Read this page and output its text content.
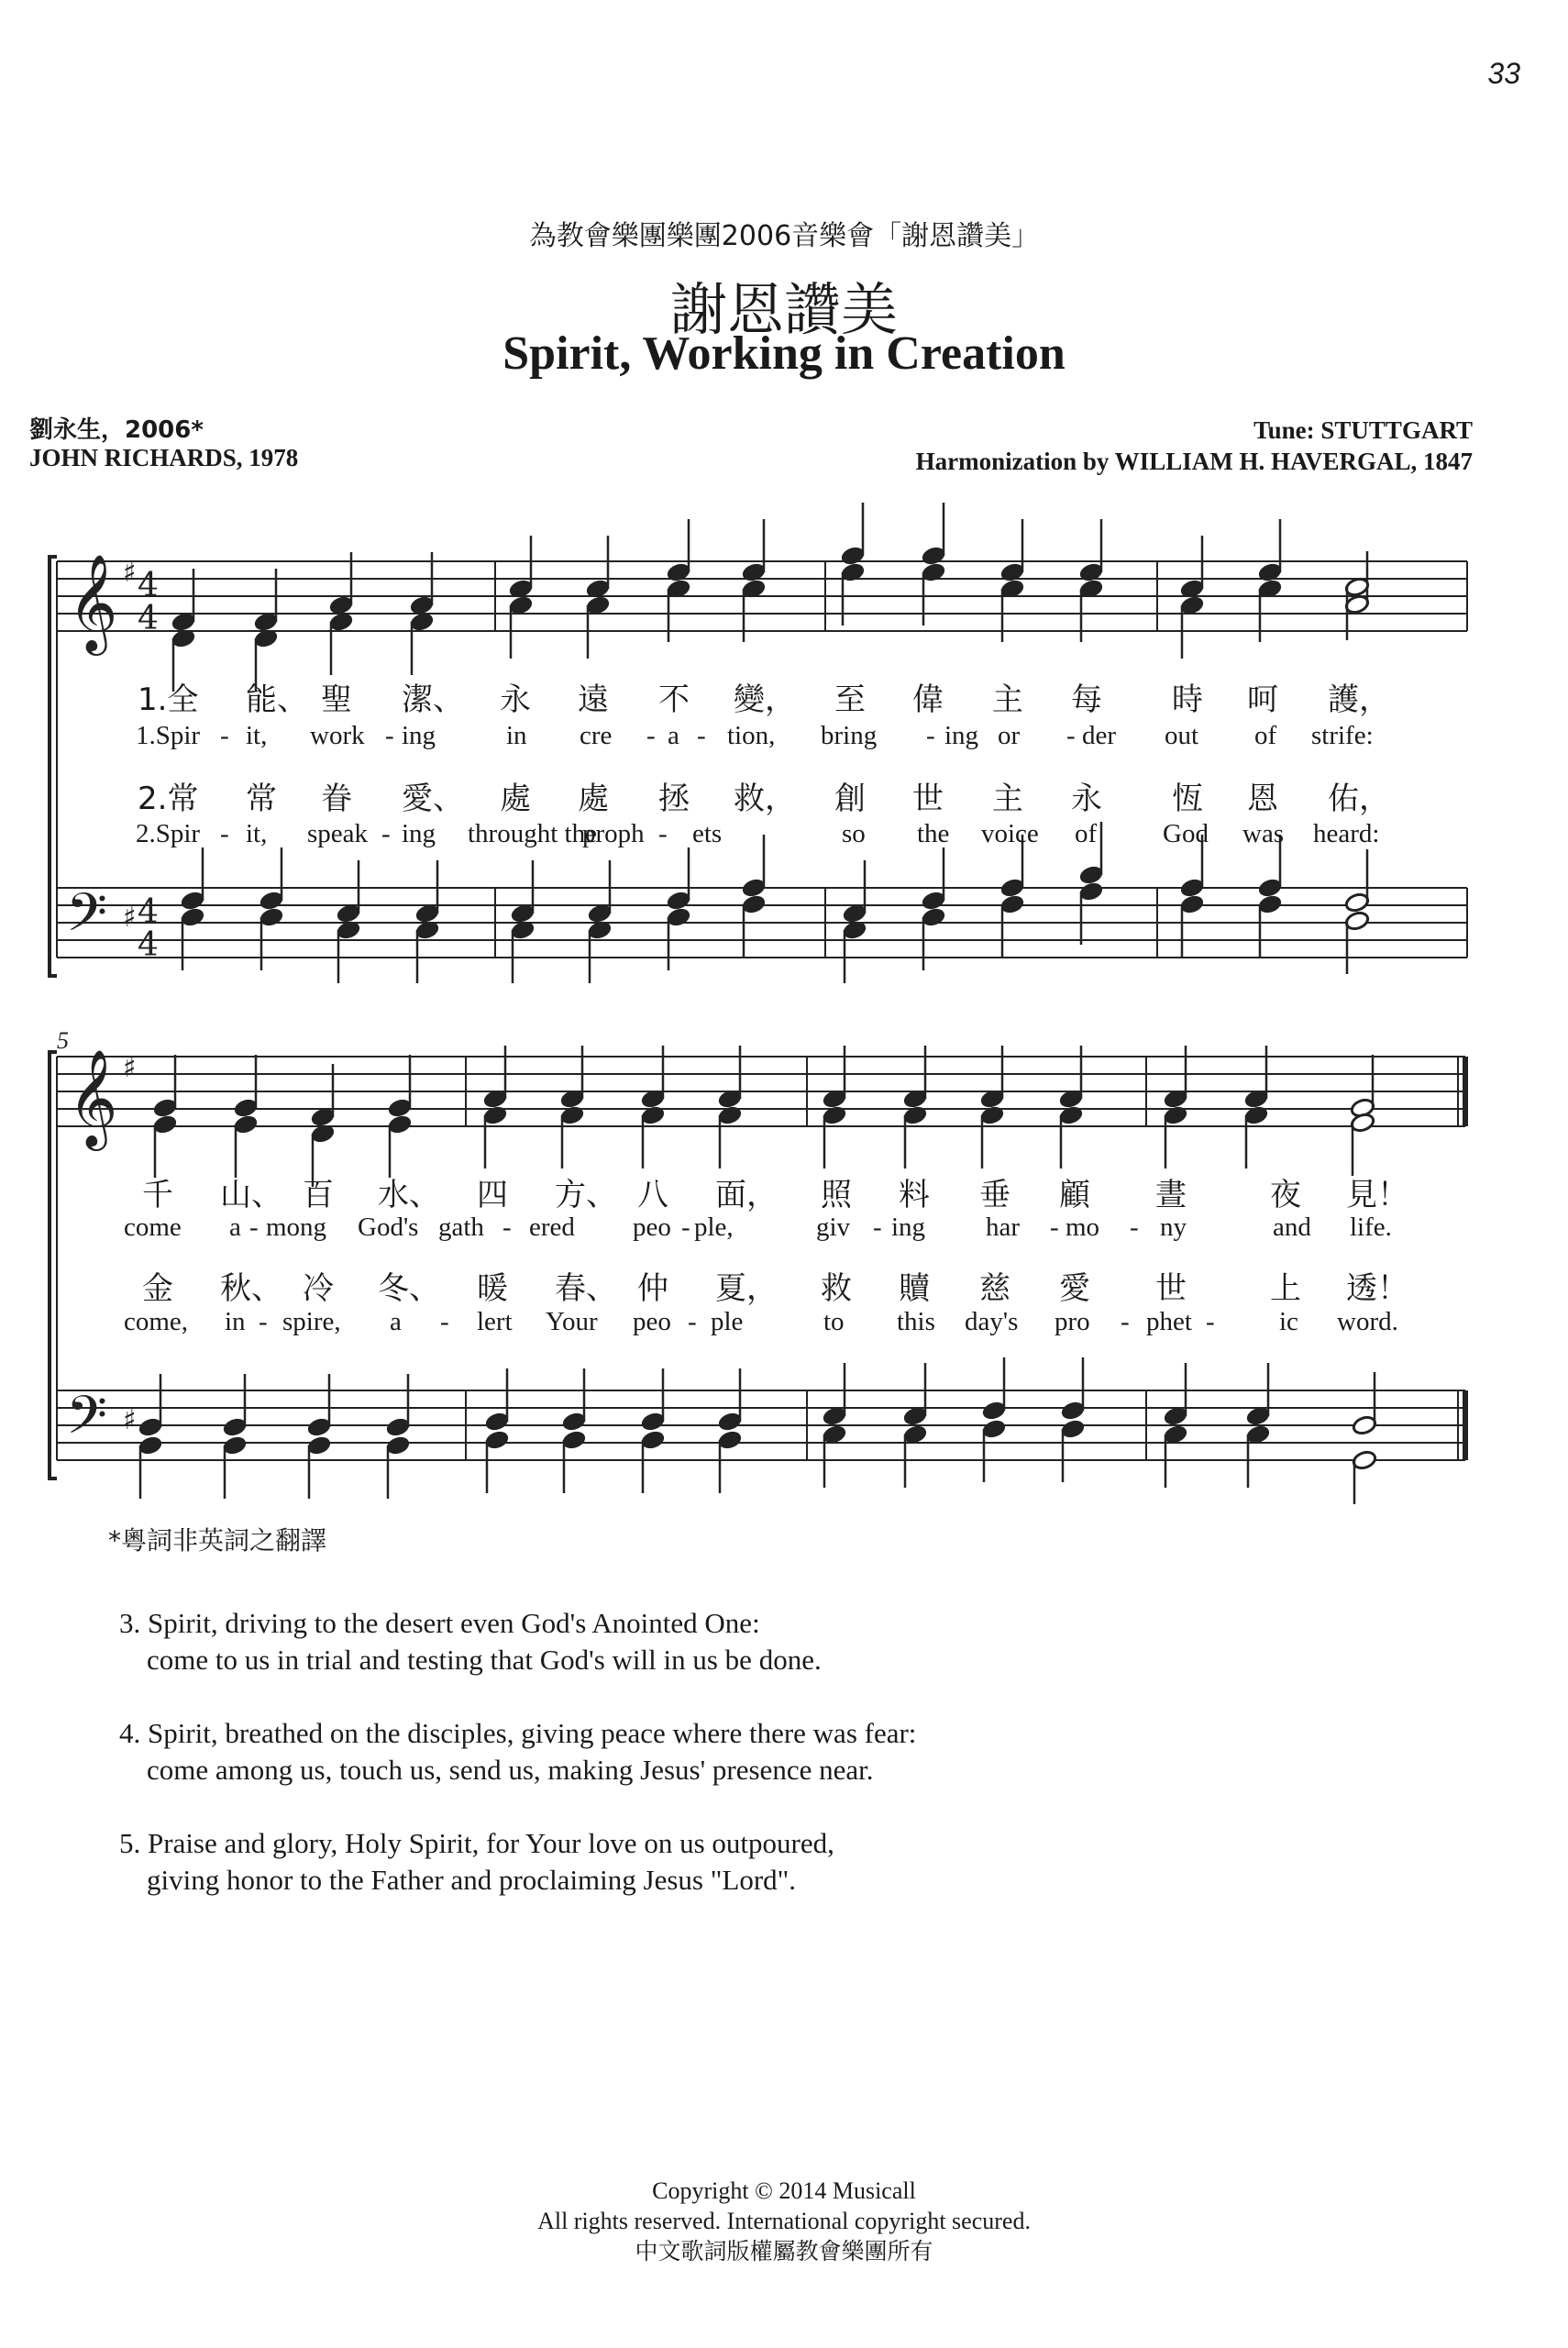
33
為教會樂團樂團2006音樂會「謝恩讚美」
謝恩讚美
Spirit, Working in Creation
劉永生，2006*
JOHN RICHARDS, 1978
Tune: STUTTGART
Harmonization by WILLIAM H. HAVERGAL, 1847
𝄞
𝄞
𝄢
𝄢
♯
♯
♯
♯
4
4
4
4
5
1.全 能、 聖 潔、 永 遠 不 變， 至 偉 主 每 時 呵 護，
1.Spir - it, work - ing	in cre - a - tion, bring - ing or - der out of strife:
2.常 常 眷 愛、 處 處 拯 救， 創 世 主 永 恆 恩 佑，
2.Spir - it, speak - ing throught the
proph - ets	so the voice of God was heard:
千 山、 百 水、 四 方、 八 面， 照 料 垂 顧 晝	夜 見！
come a - mong God's gath - ered peo - ple,	giv - ing har - mo - ny	and life.
金 秋、 冷 冬、 暖 春、 仲 夏， 救 贖 慈 愛 世	上 透！
come, in - spire, a - lert Your peo - ple	to this day's pro - phet - ic word.
*粵詞非英詞之翻譯
3. Spirit, driving to the desert even God's Anointed One:
come to us in trial and testing that God's will in us be done.
4. Spirit, breathed on the disciples, giving peace where there was fear:
come among us, touch us, send us, making Jesus' presence near.
5. Praise and glory, Holy Spirit, for Your love on us outpoured,
giving honor to the Father and proclaiming Jesus "Lord".
Copyright © 2014 Musicall
All rights reserved. International copyright secured.
中文歌詞版權屬教會樂團所有
